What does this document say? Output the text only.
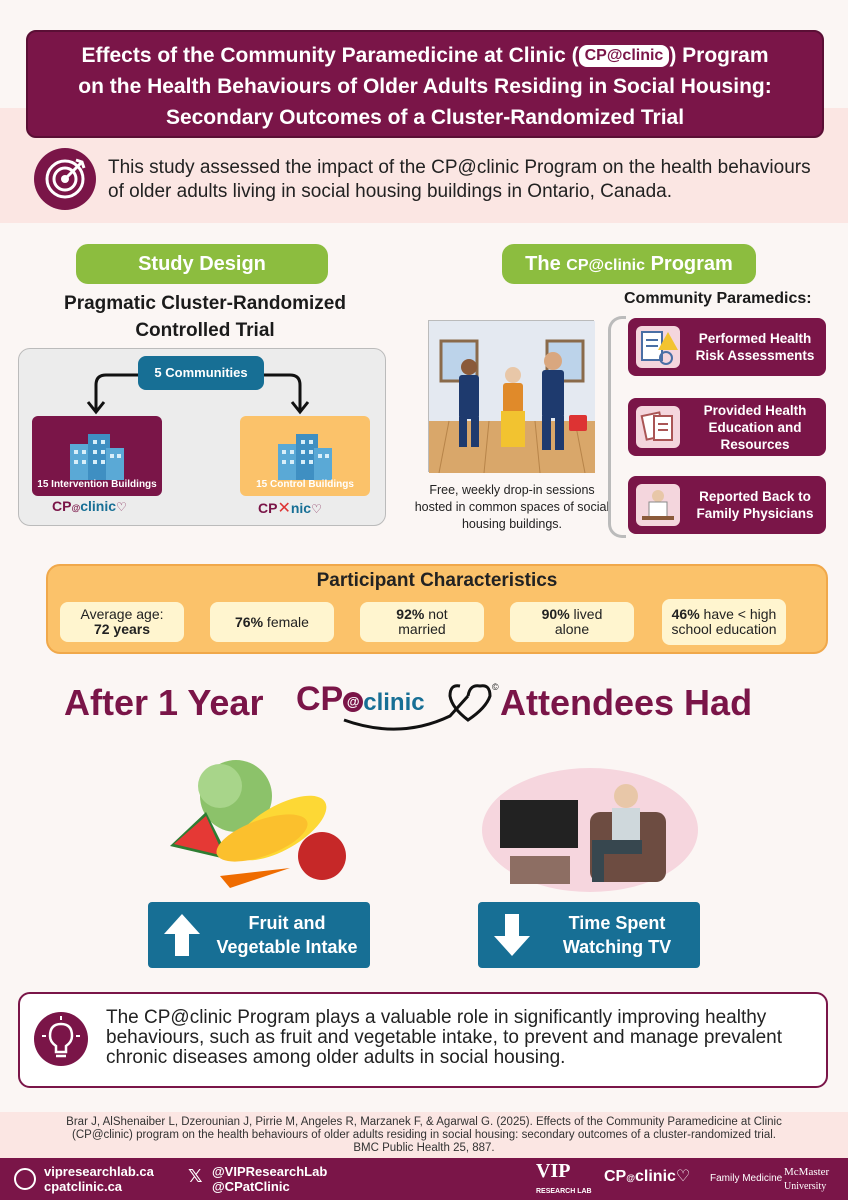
Effects of the Community Paramedicine at Clinic ( CP@clinic ) Program
on the Health Behaviours of Older Adults Residing in Social Housing:
Secondary Outcomes of a Cluster-Randomized Trial
This study assessed the impact of the CP@clinic Program on the health behaviours of older adults living in social housing buildings in Ontario, Canada.
Study Design
Pragmatic Cluster-Randomized Controlled Trial
5 Communities
15 Intervention Buildings	15 Control Buildings
CP@clinic♡	CP✕nic♡
The CP@clinic Program
Free, weekly drop-in sessions hosted in common spaces of social housing buildings.
Community Paramedics:
Performed Health Risk Assessments
Provided Health Education and Resources
Reported Back to Family Physicians
Participant Characteristics
Average age:
72 years	76% female	92% not married
90% lived alone
46% have < high school education
After 1 Year	Attendees Had
CP @ clinic
©
Fruit and Vegetable Intake
Time Spent Watching TV
The CP@clinic Program plays a valuable role in significantly improving healthy behaviours, such as fruit and vegetable intake, to prevent and manage prevalent chronic diseases among older adults in social housing.
Brar J, AlShenaiber L, Dzerounian J, Pirrie M, Angeles R, Marzanek F, & Agarwal G. (2025). Effects of the Community Paramedicine at Clinic (CP@clinic) program on the health behaviours of older adults residing in social housing: secondary outcomes of a cluster-randomized trial. BMC Public Health 25, 887.
vipresearchlab.ca
cpatclinic.ca
𝕏 @VIPResearchLab
@CPatClinic
VIP
RESEARCH LAB
CP@clinic♡ Family Medicine
McMaster
University
